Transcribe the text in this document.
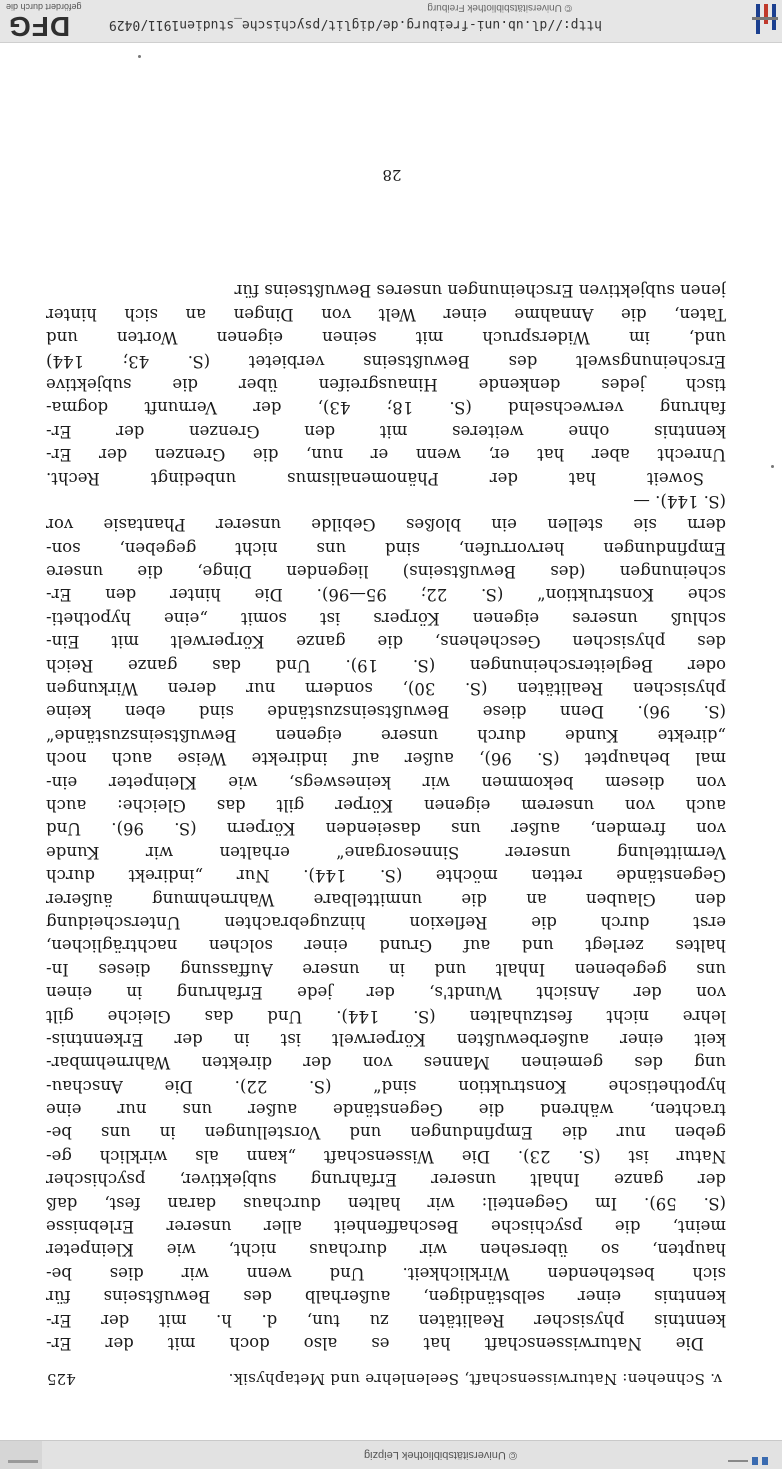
© Universitätsbibliothek Leipzig
v. Schnehen: Naturwissenschaft, Seelenlehre und Metaphysik.
425
Die Naturwissenschaft hat es also doch mit der Er-
kenntnis physischer Realitäten zu tun, d. h. mit der Er-
kenntnis einer selbständigen, außerhalb des Bewußtseins für
sich bestehenden Wirklichkeit. Und wenn wir dies be-
haupten, so übersehen wir durchaus nicht, wie Kleinpeter
meint, die psychische Beschaffenheit aller unserer Erlebnisse
(S. 59). Im Gegenteil: wir halten durchaus daran fest, daß
der ganze Inhalt unserer Erfahrung subjektiver, psychischer
Natur ist (S. 23). Die Wissenschaft „kann als wirklich ge-
geben nur die Empfindungen und Vorstellungen in uns be-
trachten, während die Gegenstände außer uns nur eine
hypothetische Konstruktion sind“ (S. 22). Die Anschau-
ung des gemeinen Mannes von der direkten Wahrnehmbar-
keit einer außerbewußten Körperwelt ist in der Erkenntnis-
lehre nicht festzuhalten (S. 144). Und das Gleiche gilt
von der Ansicht Wundt's, der jede Erfahrung in einen
uns gegebenen Inhalt und in unsere Auffassung dieses In-
haltes zerlegt und auf Grund einer solchen nachträglichen,
erst durch die Reflexion hinzugebrachten Unterscheidung
den Glauben an die unmittelbare Wahrnehmung äußerer
Gegenstände retten möchte (S. 144). Nur „indirekt durch
Vermittelung unserer Sinnesorgane“ erhalten wir Kunde
von fremden, außer uns daseienden Körpern (S. 96). Und
auch von unserem eigenen Körper gilt das Gleiche: auch
von diesem bekommen wir keineswegs, wie Kleinpeter ein-
mal behauptet (S. 96), außer auf indirekte Weise auch noch
„direkte Kunde durch unsere eigenen Bewußtseinszustände“
(S. 96). Denn diese Bewußtseinszustände sind eben keine
physischen Realitäten (S. 30), sondern nur deren Wirkungen
oder Begleiterscheinungen (S. 19). Und das ganze Reich
des physischen Geschehens, die ganze Körperwelt mit Ein-
schluß unseres eigenen Körpers ist somit „eine hypotheti-
sche Konstruktion“ (S. 22; 95—96). Die hinter den Er-
scheinungen (des Bewußtseins) liegenden Dinge, die unsere
Empfindungen hervorrufen, sind uns nicht gegeben, son-
dern sie stellen ein bloßes Gebilde unserer Phantasie vor
(S. 144). —
Soweit hat der Phänomenalismus unbedingt Recht.
Unrecht aber hat er, wenn er nun, die Grenzen der Er-
kenntnis ohne weiteres mit den Grenzen der Er-
fahrung verwechselnd (S. 18; 43), der Vernunft dogma-
tisch jedes denkende Hinausgreifen über die subjektive
Erscheinungswelt des Bewußtseins verbietet (S. 43; 144)
und, im Widerspruch mit seinen eigenen Worten und
Taten, die Annahme einer Welt von Dingen an sich hinter
jenen subjektiven Erscheinungen unseres Bewußtseins für
28
http://dl.ub.uni-freiburg.de/diglit/psychische_studien1911/0429
© Universitätsbibliothek Freiburg
DFG
gefördert durch die
